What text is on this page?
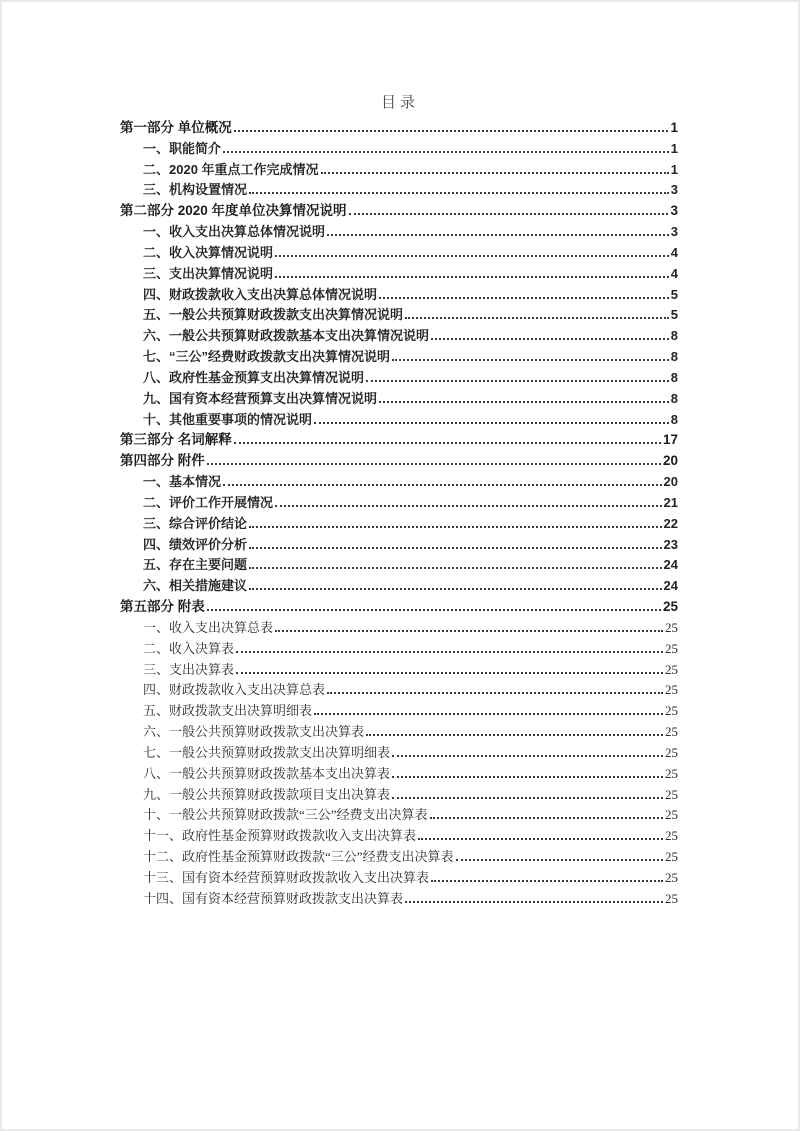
目录
第一部分 单位概况	1
一、职能简介	1
二、2020 年重点工作完成情况	1
三、机构设置情况	3
第二部分 2020 年度单位决算情况说明	3
一、收入支出决算总体情况说明	3
二、收入决算情况说明	4
三、支出决算情况说明	4
四、财政拨款收入支出决算总体情况说明	5
五、一般公共预算财政拨款支出决算情况说明	5
六、一般公共预算财政拨款基本支出决算情况说明	8
七、“三公”经费财政拨款支出决算情况说明	8
八、政府性基金预算支出决算情况说明	8
九、国有资本经营预算支出决算情况说明	8
十、其他重要事项的情况说明	8
第三部分 名词解释	17
第四部分 附件	20
一、基本情况	20
二、评价工作开展情况	21
三、综合评价结论	22
四、绩效评价分析	23
五、存在主要问题	24
六、相关措施建议	24
第五部分 附表	25
一、收入支出决算总表	25
二、收入决算表	25
三、支出决算表	25
四、财政拨款收入支出决算总表	25
五、财政拨款支出决算明细表	25
六、一般公共预算财政拨款支出决算表	25
七、一般公共预算财政拨款支出决算明细表	25
八、一般公共预算财政拨款基本支出决算表	25
九、一般公共预算财政拨款项目支出决算表	25
十、一般公共预算财政拨款“三公”经费支出决算表	25
十一、政府性基金预算财政拨款收入支出决算表	25
十二、政府性基金预算财政拨款“三公”经费支出决算表	25
十三、国有资本经营预算财政拨款收入支出决算表	25
十四、国有资本经营预算财政拨款支出决算表	25
